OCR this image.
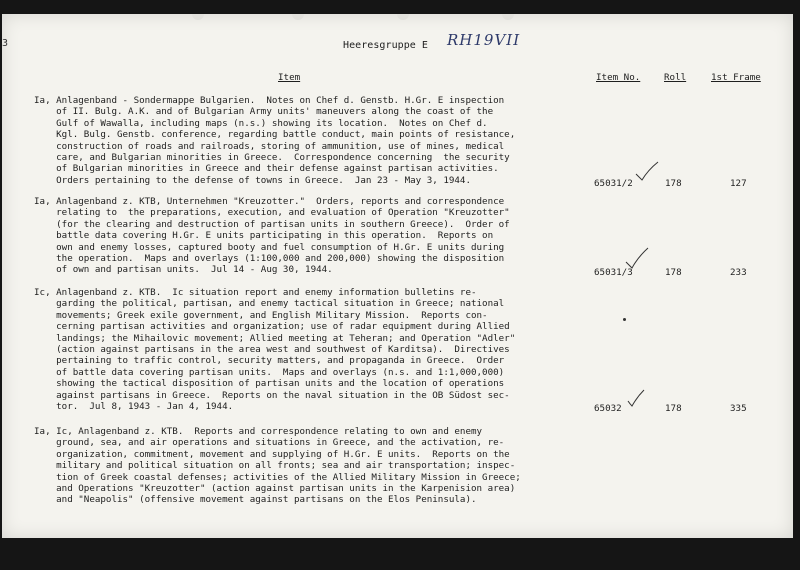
3	Heeresgruppe E RH19VII
Item	Item No.	Roll	1st Frame
Ia, Anlagenband - Sondermappe Bulgarien.  Notes on Chef d. Genstb. H.Gr. E inspection
of II. Bulg. A.K. and of Bulgarian Army units' maneuvers along the coast of the
Gulf of Wawalla, including maps (n.s.) showing its location.  Notes on Chef d.
Kgl. Bulg. Genstb. conference, regarding battle conduct, main points of resistance,
construction of roads and railroads, storing of ammunition, use of mines, medical
care, and Bulgarian minorities in Greece.  Correspondence concerning  the security
of Bulgarian minorities in Greece and their defense against partisan activities.
Orders pertaining to the defense of towns in Greece.  Jan 23 - May 3, 1944.	65031/2	178	127
Ia, Anlagenband z. KTB, Unternehmen "Kreuzotter."  Orders, reports and correspondence
relating to  the preparations, execution, and evaluation of Operation "Kreuzotter"
(for the clearing and destruction of partisan units in southern Greece).  Order of
battle data covering H.Gr. E units participating in this operation.  Reports on
own and enemy losses, captured booty and fuel consumption of H.Gr. E units during
the operation.  Maps and overlays (1:100,000 and 200,000) showing the disposition
of own and partisan units.  Jul 14 - Aug 30, 1944.	65031/3	178	233
Ic, Anlagenband z. KTB.  Ic situation report and enemy information bulletins re-
garding the political, partisan, and enemy tactical situation in Greece; national
movements; Greek exile government, and English Military Mission.  Reports con-
cerning partisan activities and organization; use of radar equipment during Allied
landings; the Mihailovic movement; Allied meeting at Teheran; and Operation "Adler"
(action against partisans in the area west and southwest of Karditsa).  Directives
pertaining to traffic control, security matters, and propaganda in Greece.  Order
of battle data covering partisan units.  Maps and overlays (n.s. and 1:1,000,000)
showing the tactical disposition of partisan units and the location of operations
against partisans in Greece.  Reports on the naval situation in the OB Südost sec-
tor.  Jul 8, 1943 - Jan 4, 1944.	65032	178	335
Ia, Ic, Anlagenband z. KTB.  Reports and correspondence relating to own and enemy
ground, sea, and air operations and situations in Greece, and the activation, re-
organization, commitment, movement and supplying of H.Gr. E units.  Reports on the
military and political situation on all fronts; sea and air transportation; inspec-
tion of Greek coastal defenses; activities of the Allied Military Mission in Greece;
and Operations "Kreuzotter" (action against partisan units in the Karpenision area)
and "Neapolis" (offensive movement against partisans on the Elos Peninsula).
